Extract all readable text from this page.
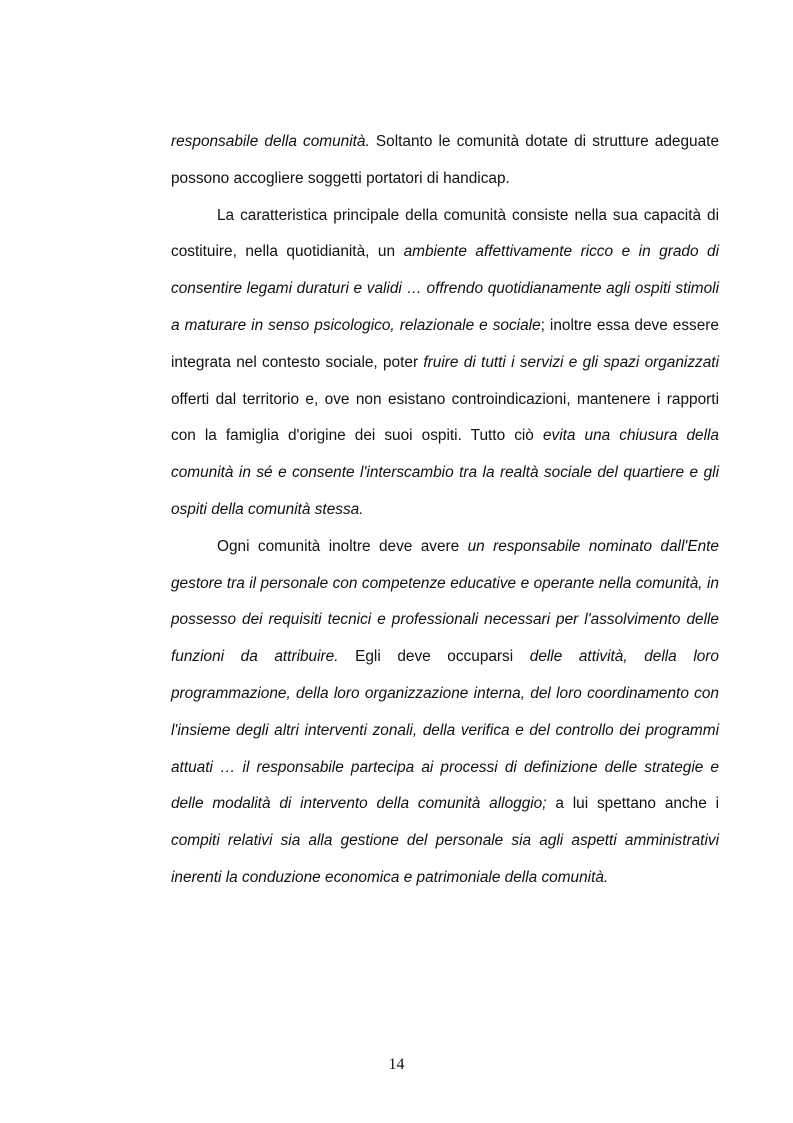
responsabile della comunità. Soltanto le comunità dotate di strutture adeguate possono accogliere soggetti portatori di handicap.

La caratteristica principale della comunità consiste nella sua capacità di costituire, nella quotidianità, un ambiente affettivamente ricco e in grado di consentire legami duraturi e validi … offrendo quotidianamente agli ospiti stimoli a maturare in senso psicologico, relazionale e sociale; inoltre essa deve essere integrata nel contesto sociale, poter fruire di tutti i servizi e gli spazi organizzati offerti dal territorio e, ove non esistano controindicazioni, mantenere i rapporti con la famiglia d'origine dei suoi ospiti. Tutto ciò evita una chiusura della comunità in sé e consente l'interscambio tra la realtà sociale del quartiere e gli ospiti della comunità stessa.

Ogni comunità inoltre deve avere un responsabile nominato dall'Ente gestore tra il personale con competenze educative e operante nella comunità, in possesso dei requisiti tecnici e professionali necessari per l'assolvimento delle funzioni da attribuire. Egli deve occuparsi delle attività, della loro programmazione, della loro organizzazione interna, del loro coordinamento con l'insieme degli altri interventi zonali, della verifica e del controllo dei programmi attuati … il responsabile partecipa ai processi di definizione delle strategie e delle modalità di intervento della comunità alloggio; a lui spettano anche i compiti relativi sia alla gestione del personale sia agli aspetti amministrativi inerenti la conduzione economica e patrimoniale della comunità.

14
